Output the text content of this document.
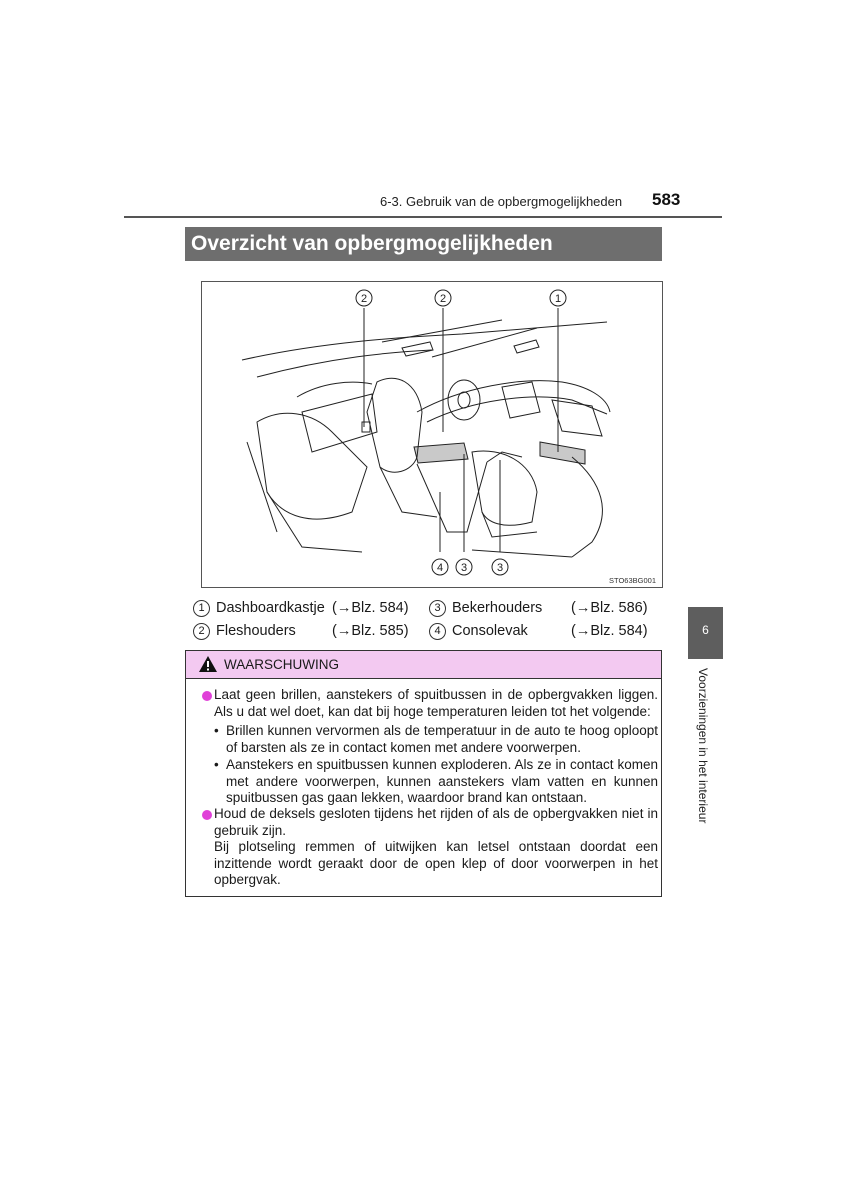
6-3. Gebruik van de opbergmogelijkheden 583
Overzicht van opbergmogelijkheden
2	2	1
4 3	3
STO63BG001
1 Dashboardkastje (→Blz. 584)	3 Bekerhouders (→Blz. 586)
2 Fleshouders (→Blz. 585)	4 Consolevak	(→Blz. 584)
WAARSCHUWING
Laat geen brillen, aanstekers of spuitbussen in de opbergvakken liggen. Als u dat wel doet, kan dat bij hoge temperaturen leiden tot het volgende:
• Brillen kunnen vervormen als de temperatuur in de auto te hoog oploopt of barsten als ze in contact komen met andere voorwerpen.
• Aanstekers en spuitbussen kunnen exploderen. Als ze in contact komen met andere voorwerpen, kunnen aanstekers vlam vatten en kunnen spuitbussen gas gaan lekken, waardoor brand kan ontstaan.
Houd de deksels gesloten tijdens het rijden of als de opbergvakken niet in gebruik zijn.
Bij plotseling remmen of uitwijken kan letsel ontstaan doordat een inzittende wordt geraakt door de open klep of door voorwerpen in het opbergvak.
6
Voorzieningen in het interieur
